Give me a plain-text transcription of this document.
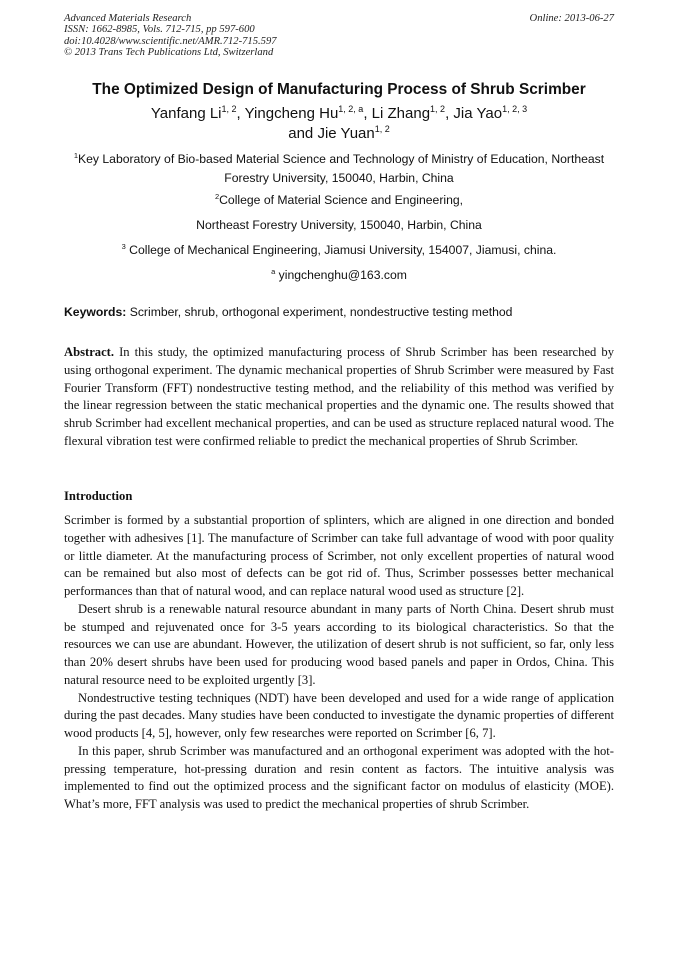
Advanced Materials Research
ISSN: 1662-8985, Vols. 712-715, pp 597-600
doi:10.4028/www.scientific.net/AMR.712-715.597
© 2013 Trans Tech Publications Ltd, Switzerland
Online: 2013-06-27
The Optimized Design of Manufacturing Process of Shrub Scrimber
Yanfang Li$^{1, 2}$, Yingcheng Hu$^{1, 2, a}$, Li Zhang$^{1, 2}$, Jia Yao$^{1, 2, 3}$
and Jie Yuan$^{1, 2}$
$^1$Key Laboratory of Bio-based Material Science and Technology of Ministry of Education, Northeast
Forestry University, 150040, Harbin, China
$^2$College of Material Science and Engineering,
Northeast Forestry University, 150040, Harbin, China
$^3$ College of Mechanical Engineering, Jiamusi University, 154007, Jiamusi, china.
$^a$ yingchenghu@163.com
Keywords: Scrimber, shrub, orthogonal experiment, nondestructive testing method
Abstract. In this study, the optimized manufacturing process of Shrub Scrimber has been researched by using orthogonal experiment. The dynamic mechanical properties of Shrub Scrimber were measured by Fast Fourier Transform (FFT) nondestructive testing method, and the reliability of this method was verified by the linear regression between the static mechanical properties and the dynamic one. The results showed that shrub Scrimber had excellent mechanical properties, and can be used as structure replaced natural wood. The flexural vibration test were confirmed reliable to predict the mechanical properties of Shrub Scrimber.
Introduction
Scrimber is formed by a substantial proportion of splinters, which are aligned in one direction and bonded together with adhesives [1]. The manufacture of Scrimber can take full advantage of wood with poor quality or little diameter. At the manufacturing process of Scrimber, not only excellent properties of natural wood can be remained but also most of defects can be got rid of. Thus, Scrimber possesses better mechanical performances than that of natural wood, and can replace natural wood used as structure [2].
Desert shrub is a renewable natural resource abundant in many parts of North China. Desert shrub must be stumped and rejuvenated once for 3-5 years according to its biological characteristics. So that the resources we can use are abundant. However, the utilization of desert shrub is not sufficient, so far, only less than 20% desert shrubs have been used for producing wood based panels and paper in Ordos, China. This natural resource need to be exploited urgently [3].
Nondestructive testing techniques (NDT) have been developed and used for a wide range of application during the past decades. Many studies have been conducted to investigate the dynamic properties of different wood products [4, 5], however, only few researches were reported on Scrimber [6, 7].
In this paper, shrub Scrimber was manufactured and an orthogonal experiment was adopted with the hot-pressing temperature, hot-pressing duration and resin content as factors. The intuitive analysis was implemented to find out the optimized process and the significant factor on modulus of elasticity (MOE). What’s more, FFT analysis was used to predict the mechanical properties of shrub Scrimber.
